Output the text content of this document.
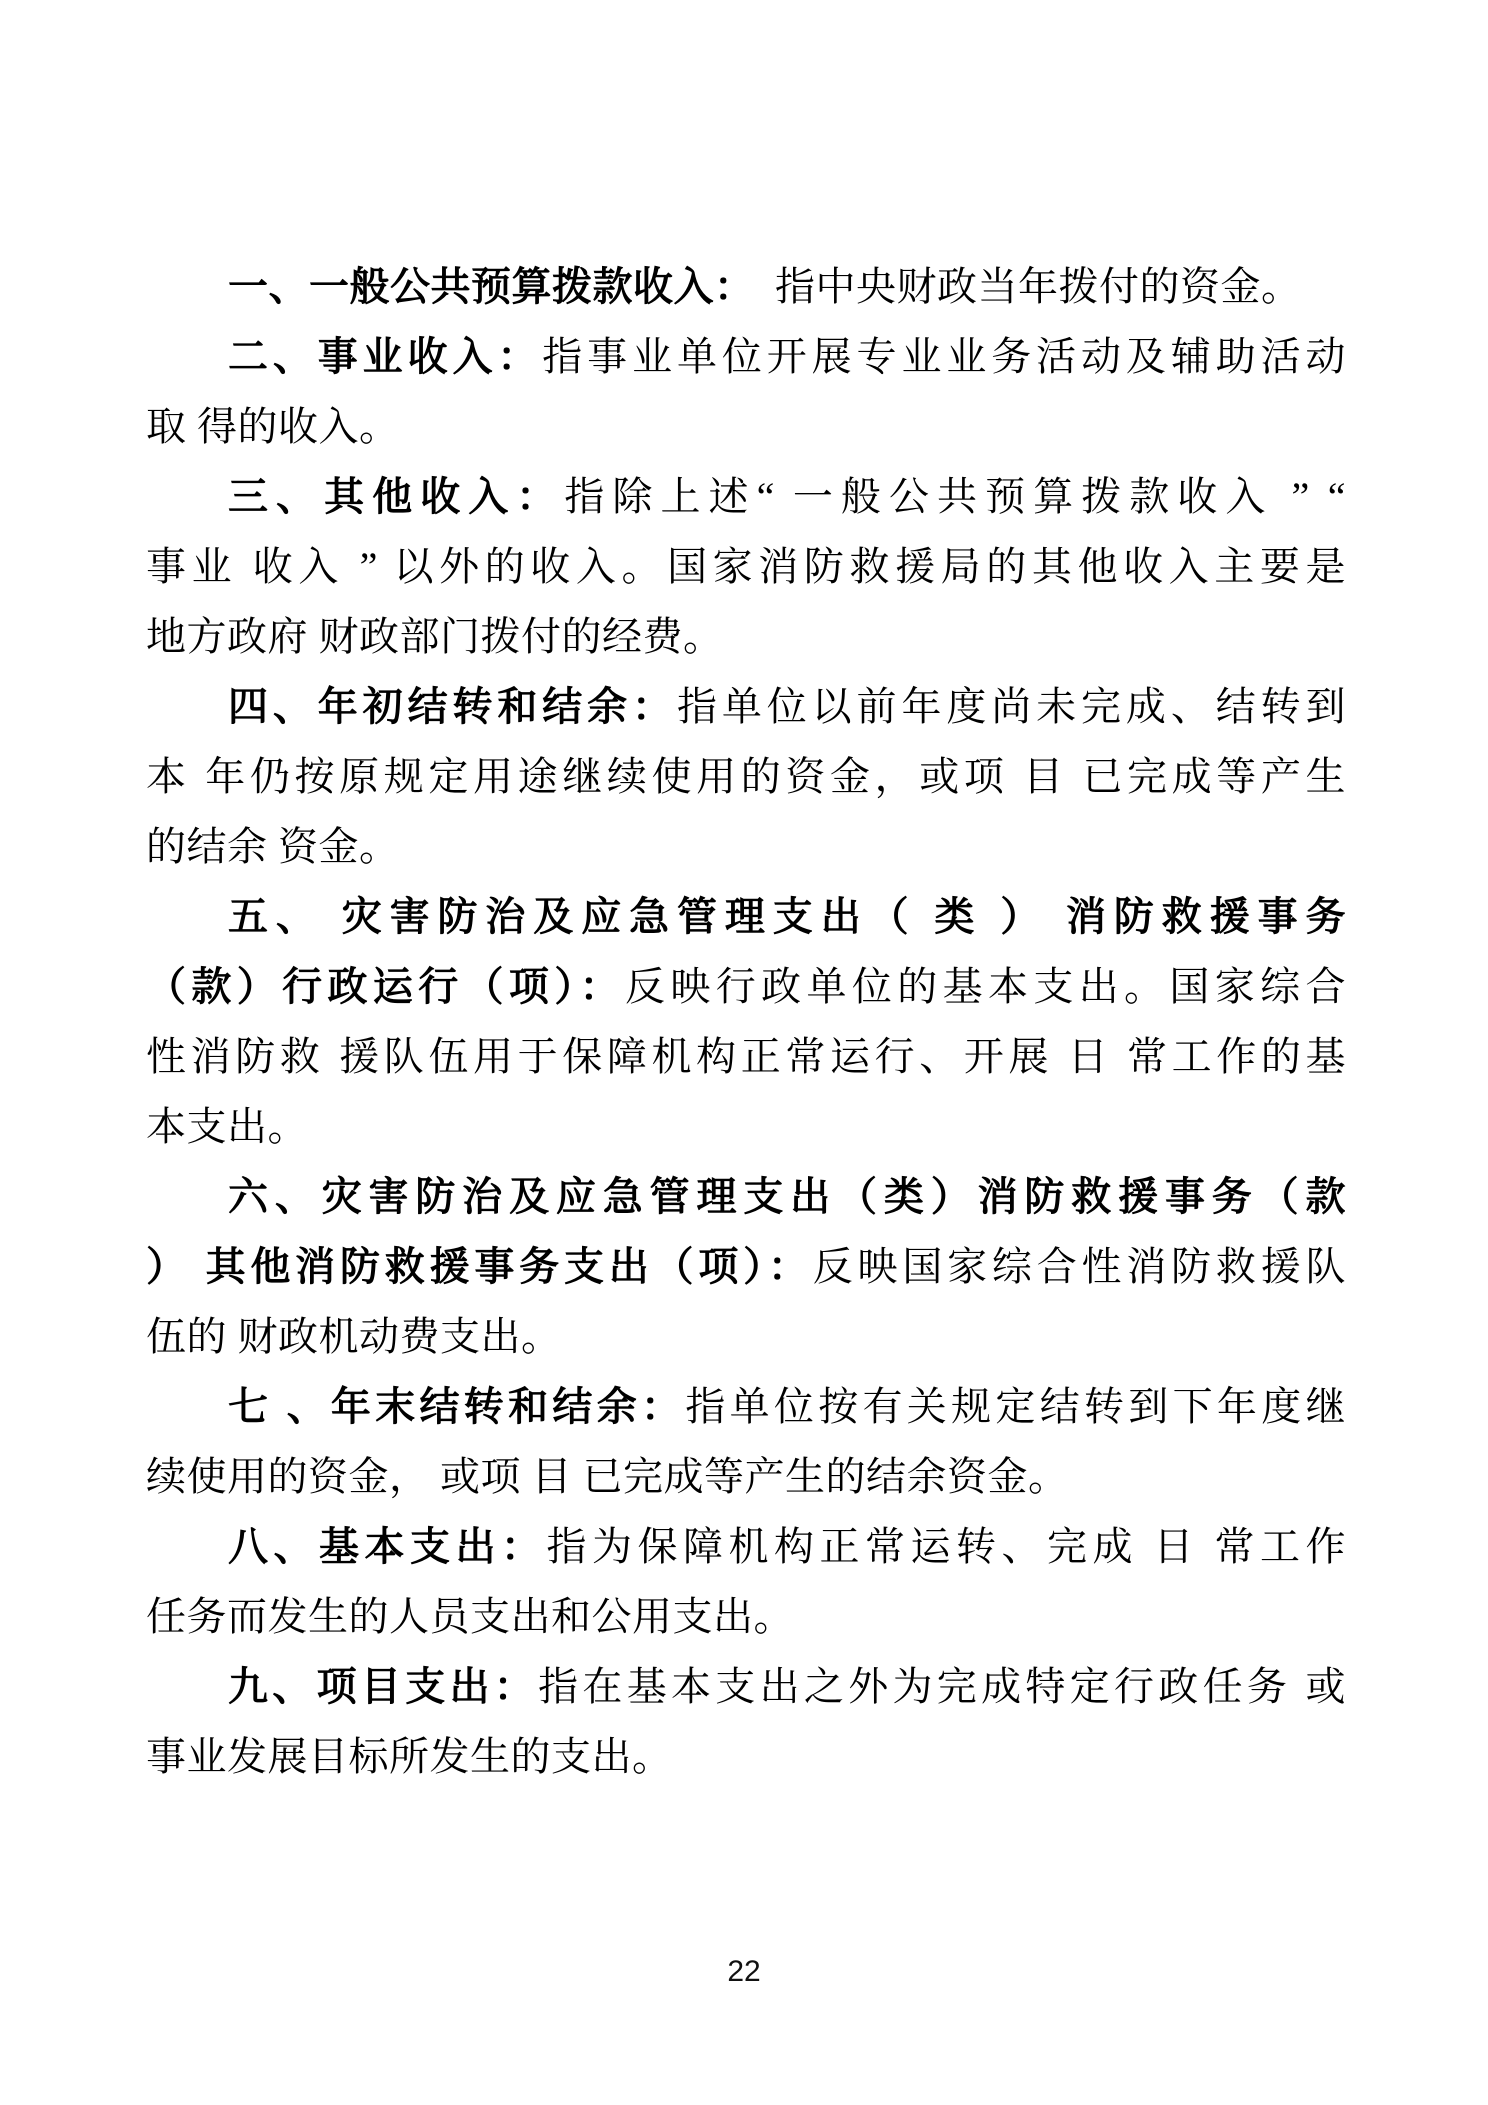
一、一般公共预算拨款收入：　指中央财政当年拨付的资金。
二、事业收入：指事业单位开展专业业务活动及辅助活动
取 得的收入。
三、其他收入：指除上述“ 一般公共预算拨款收入 ” “
事业 收入 ” 以外的收入。国家消防救援局的其他收入主要是
地方政府 财政部门拨付的经费。
四、年初结转和结余：指单位以前年度尚未完成、结转到
本 年仍按原规定用途继续使用的资金，或项 目 已完成等产生
的结余 资金。
五、 灾害防治及应急管理支出（ 类 ） 消防救援事务
（款）行政运行（项）：反映行政单位的基本支出。国家综合
性消防救 援队伍用于保障机构正常运行、开展 日 常工作的基
本支出。
六、灾害防治及应急管理支出（类）消防救援事务（款
） 其他消防救援事务支出（项）：反映国家综合性消防救援队
伍的 财政机动费支出。
七 、年末结转和结余：指单位按有关规定结转到下年度继
续使用的资金， 或项 目 已完成等产生的结余资金。
八、基本支出：指为保障机构正常运转、完成 日 常工作
任务而发生的人员支出和公用支出。
九、项目支出：指在基本支出之外为完成特定行政任务 或
事业发展目标所发生的支出。
22
